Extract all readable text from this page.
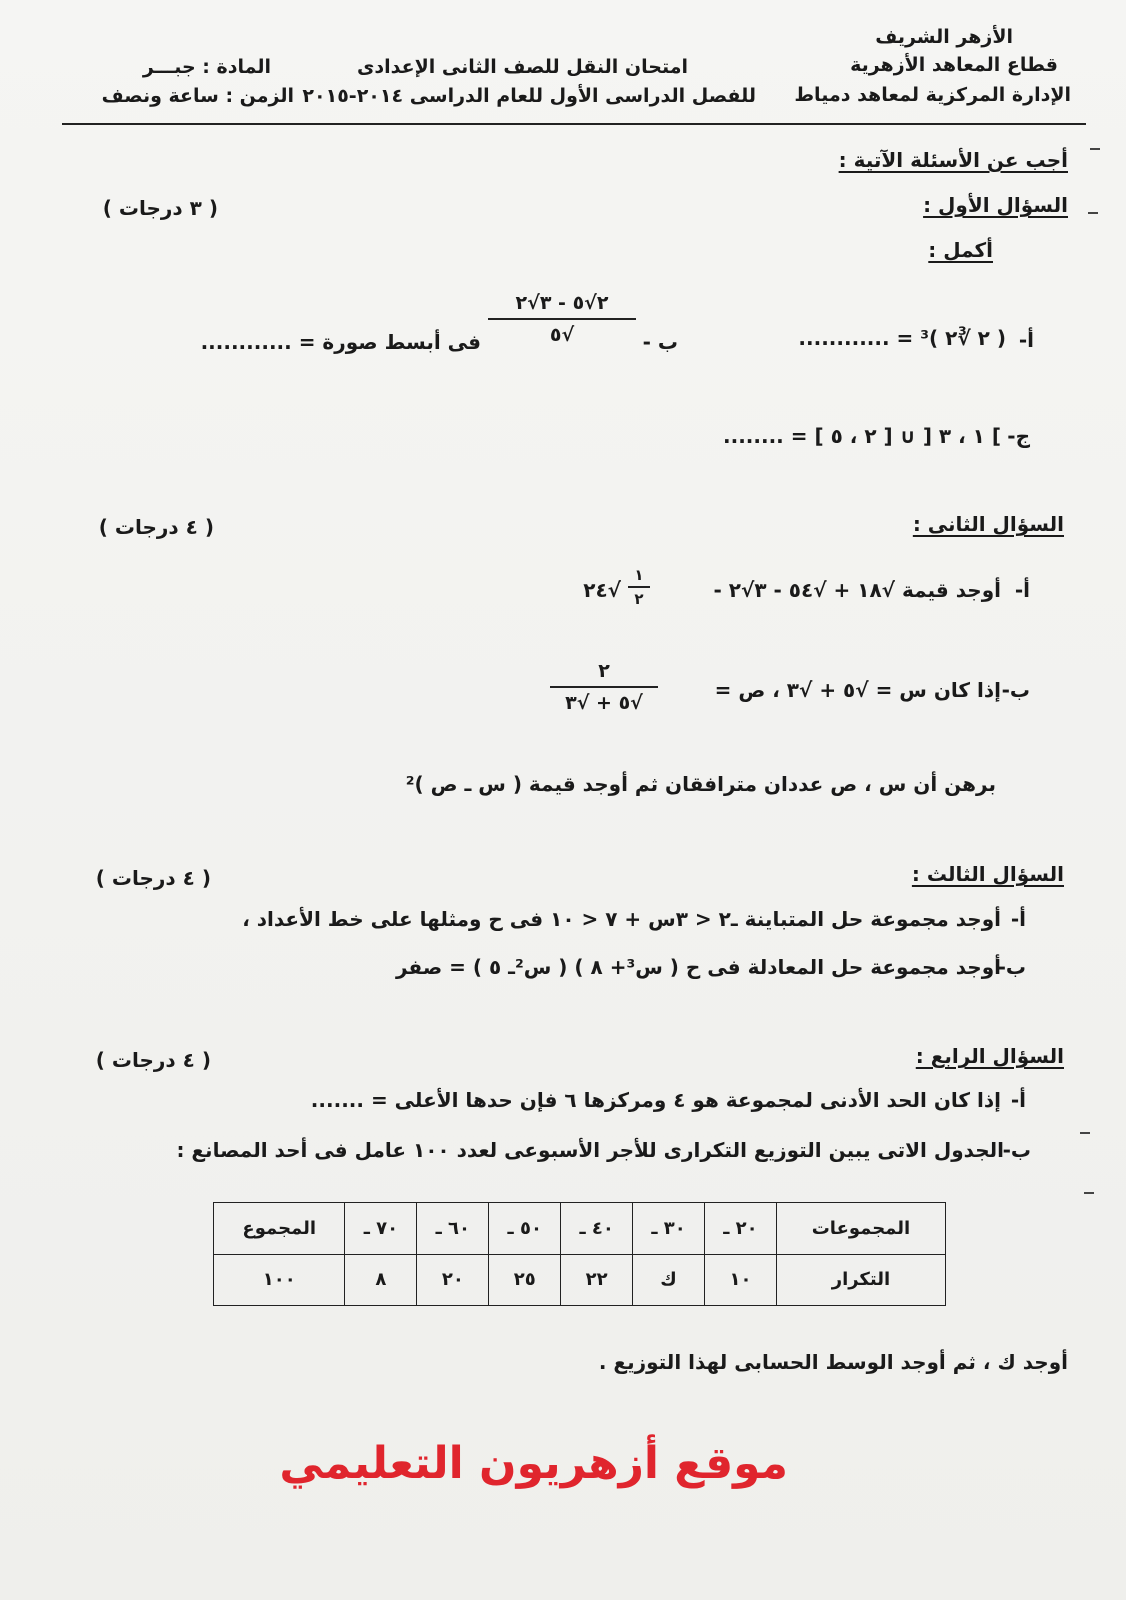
الأزهر الشريف
قطاع المعاهد الأزهرية
الإدارة المركزية لمعاهد دمياط
امتحان النقل للصف الثانى الإعدادى
للفصل الدراسى الأول للعام الدراسى ٢٠١٤-٢٠١٥
المادة : جبـــر
الزمن : ساعة ونصف
أجب عن الأسئلة الآتية :
السؤال الأول :
( ٣ درجات )
أكمل :
أ-
( ٢ ∛٢ )³ = ............
ب -
٢√٥ - ٣√٢
√٥
فى أبسط صورة = ............
ج-
] ١ ، ٣ [ ∪ [ ٢ ، ٥ ] = ........
السؤال الثانى :
( ٤ درجات )
أ-
أوجد قيمة √١٨ + √٥٤ - ٣√٢ -
١
٢
√٢٤
ب-
إذا كان س = √٥ + √٣ ، ص =
٢
√٥ + √٣
برهن أن س ، ص عددان مترافقان ثم أوجد قيمة ( س ـ ص )²
السؤال الثالث :
( ٤ درجات )
أ-
أوجد مجموعة حل المتباينة ـ٢ < ٣س + ٧ < ١٠ فى ح ومثلها على خط الأعداد ،
ب-
أوجد مجموعة حل المعادلة فى ح ( س³+ ٨ ) ( س²ـ ٥ ) = صفر
السؤال الرابع :
( ٤ درجات )
أ-
إذا كان الحد الأدنى لمجموعة هو ٤ ومركزها ٦ فإن حدها الأعلى = .......
ب-
الجدول الاتى يبين التوزيع التكرارى للأجر الأسبوعى لعدد ١٠٠ عامل فى أحد المصانع :
المجموعات	٢٠ ـ	٣٠ ـ	٤٠ ـ	٥٠ ـ	٦٠ ـ	٧٠ ـ	المجموع
التكرار	١٠	ك	٢٢	٢٥	٢٠	٨	١٠٠
أوجد ك ، ثم أوجد الوسط الحسابى لهذا التوزيع .
موقع أزهريون التعليمي
